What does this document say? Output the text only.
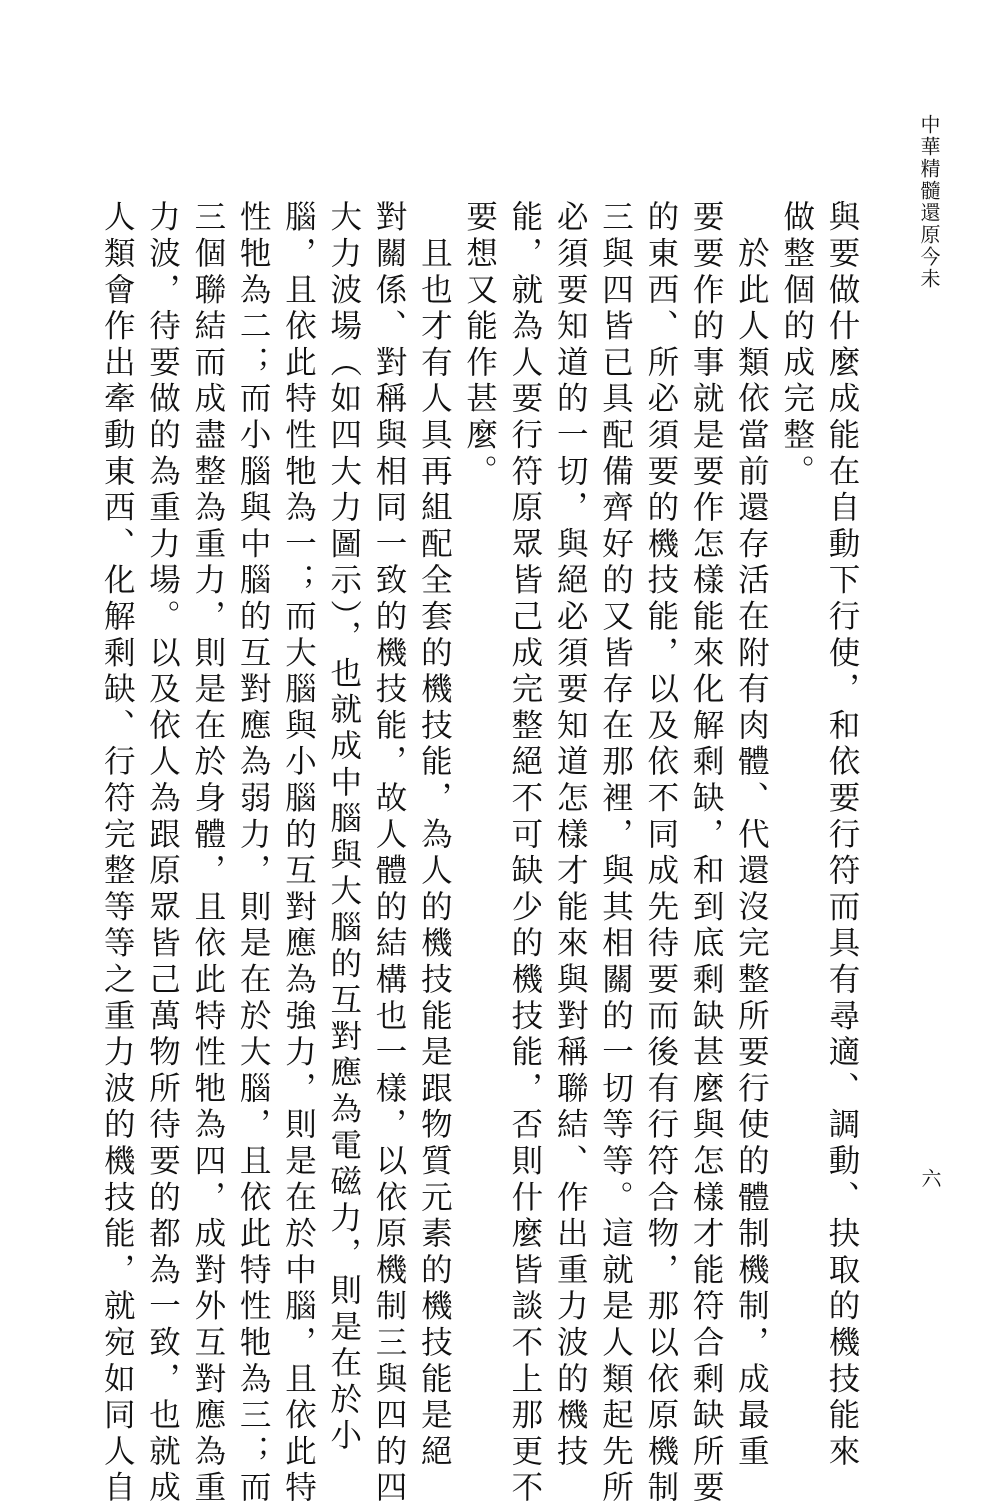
中華精髓還原今未
與要做什麼成能在自動下行使，和依要行符而具有尋適、調動、抉取的機技能來
做整個的成完整。
　於此人類依當前還存活在附有肉體、代還沒完整所要行使的體制機制，成最重
要要作的事就是要作怎樣能來化解剩缺，和到底剩缺甚麼與怎樣才能符合剩缺所要
的東西、所必須要的機技能，以及依不同成先待要而後有行符合物，那以依原機制
三與四皆已具配備齊好的又皆存在那裡，與其相關的一切等等。這就是人類起先所
必須要知道的一切，與絕必須要知道怎樣才能來與對稱聯結、作出重力波的機技
能，就為人要行符原眾皆己成完整絕不可缺少的機技能，否則什麼皆談不上那更不
要想又能作甚麼。
　且也才有人具再組配全套的機技能，為人的機技能是跟物質元素的機技能是絕
對關係、對稱與相同一致的機技能，故人體的結構也一樣，以依原機制三與四的四
大力波場（如四大力圖示），也就成中腦與大腦的互對應為電磁力，則是在於小
腦，且依此特性牠為一；而大腦與小腦的互對應為強力，則是在於中腦，且依此特
性牠為二；而小腦與中腦的互對應為弱力，則是在於大腦，且依此特性牠為三；而
三個聯結而成盡整為重力，則是在於身體，且依此特性牠為四，成對外互對應為重
力波，待要做的為重力場。以及依人為跟原眾皆己萬物所待要的都為一致，也就成
人類會作出牽動東西、化解剩缺、行符完整等等之重力波的機技能，就宛如同人自	六
